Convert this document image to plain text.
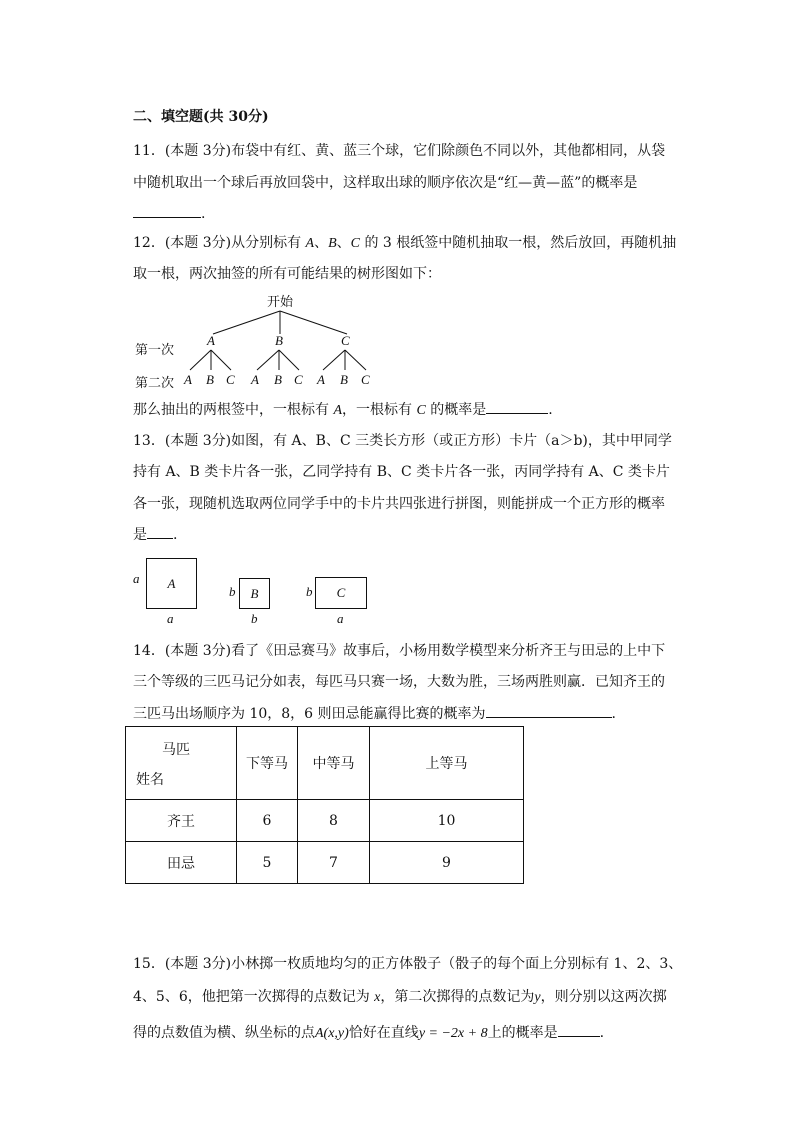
二、填空题(共 30分)
11．(本题 3分)布袋中有红、黄、蓝三个球，它们除颜色不同以外，其他都相同，从袋
中随机取出一个球后再放回袋中，这样取出球的顺序依次是“红—黄—蓝”的概率是
.
12．(本题 3分)从分别标有 A、B、C 的 3 根纸签中随机抽取一根，然后放回，再随机抽
取一根，两次抽签的所有可能结果的树形图如下：
开始
第一次
第二次
A	B	C
A B C A B C A B C
那么抽出的两根签中，一根标有 A，一根标有 C 的概率是	.
13．(本题 3分)如图，有 A、B、C 三类长方形（或正方形）卡片（a＞b)，其中甲同学
持有 A、B 类卡片各一张，乙同学持有 B、C 类卡片各一张，丙同学持有 A、C 类卡片
各一张，现随机选取两位同学手中的卡片共四张进行拼图，则能拼成一个正方形的概率
是 .
a A
a
b B
b
b C
a
14．(本题 3分)看了《田忌赛马》故事后，小杨用数学模型来分析齐王与田忌的上中下
三个等级的三匹马记分如表，每匹马只赛一场，大数为胜，三场两胜则赢．已知齐王的
三匹马出场顺序为 10，8，6 则田忌能赢得比赛的概率为	.
马匹
姓名	下等马	中等马	上等马
齐王	6	8	10
田忌	5	7	9
15．(本题 3分)小林掷一枚质地均匀的正方体骰子（骰子的每个面上分别标有 1、2、3、
4、5、6，他把第一次掷得的点数记为 x，第二次掷得的点数记为y，则分别以这两次掷
得的点数值为横、纵坐标的点A(x,y)恰好在直线y = −2x + 8上的概率是	.
